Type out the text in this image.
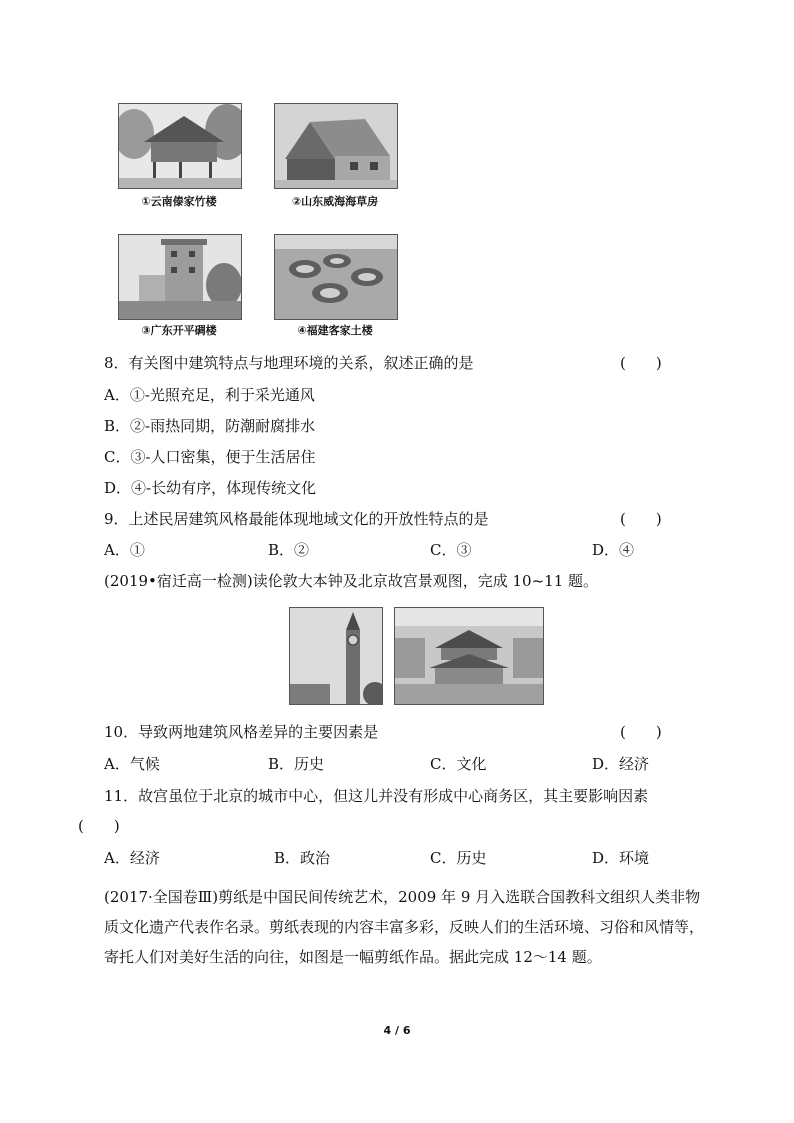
①云南傣家竹楼	②山东威海海草房
③广东开平碉楼	④福建客家土楼
8．有关图中建筑特点与地理环境的关系，叙述正确的是	(　　)
A．①-光照充足，利于采光通风
B．②-雨热同期，防潮耐腐排水
C．③-人口密集，便于生活居住
D．④-长幼有序，体现传统文化
9．上述民居建筑风格最能体现地域文化的开放性特点的是	(　　)
A．①	B．②	C．③	D．④
(2019•宿迁高一检测)读伦敦大本钟及北京故宫景观图，完成 10~11 题。
10．导致两地建筑风格差异的主要因素是	(　　)
A．气候	B．历史	C．文化	D．经济
11．故宫虽位于北京的城市中心，但这儿并没有形成中心商务区，其主要影响因素
(　　)
A．经济	B．政治	C．历史	D．环境
(2017·全国卷Ⅲ)剪纸是中国民间传统艺术，2009 年 9 月入选联合国教科文组织人类非物质文化遗产代表作名录。剪纸表现的内容丰富多彩，反映人们的生活环境、习俗和风情等，寄托人们对美好生活的向往，如图是一幅剪纸作品。据此完成 12～14 题。
4 / 6
